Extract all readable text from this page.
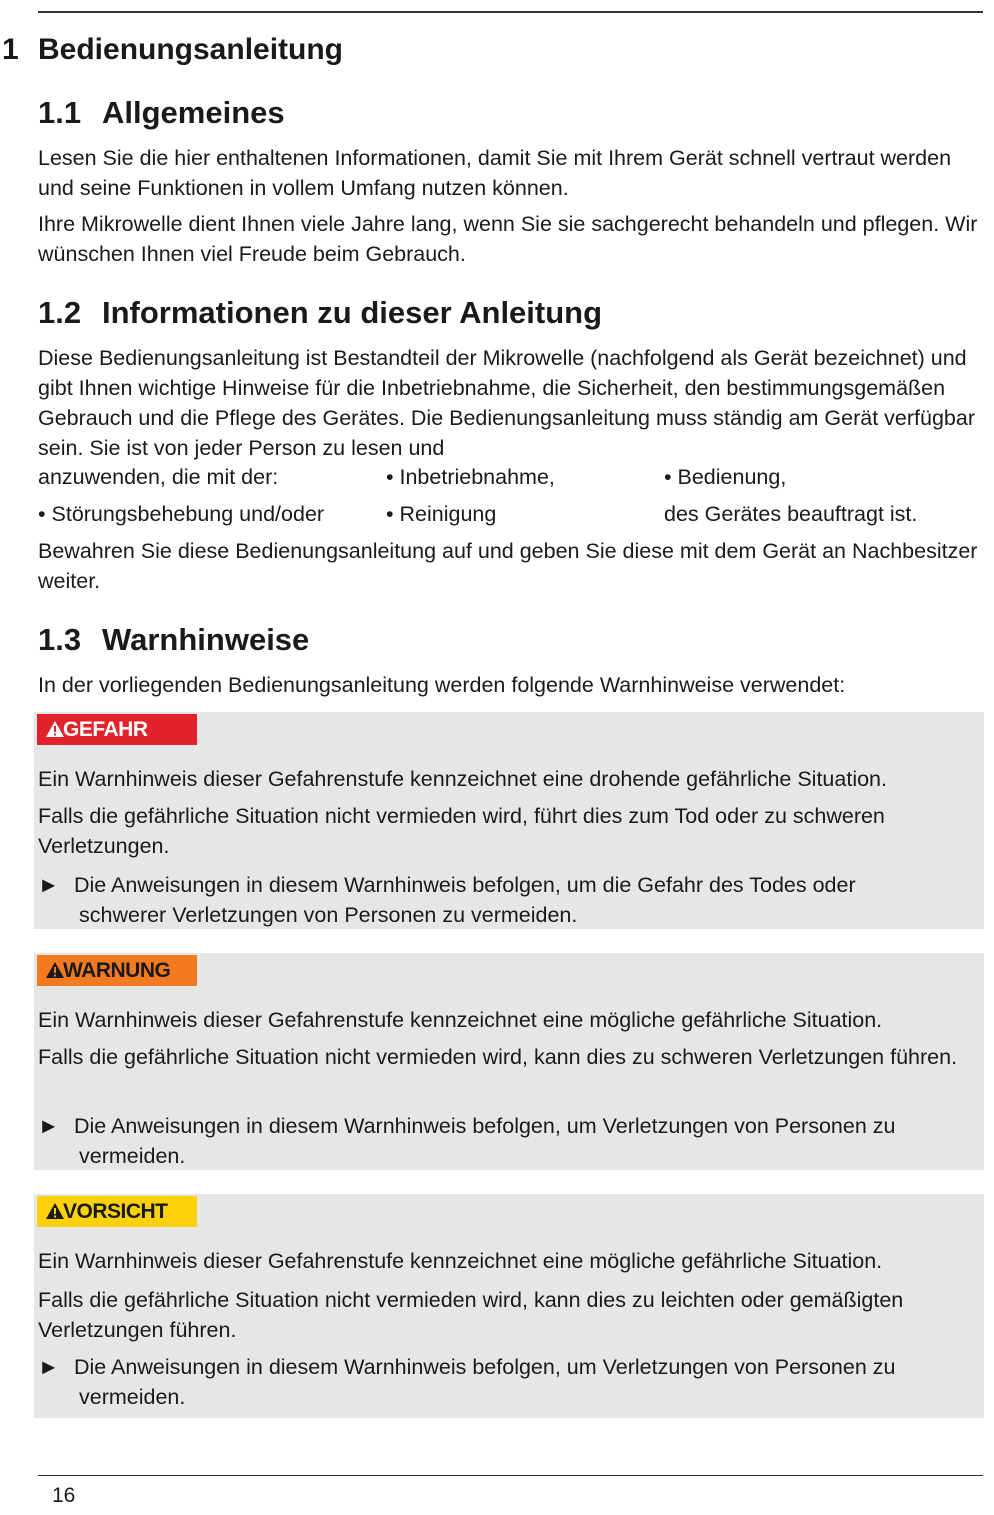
1 Bedienungsanleitung
1.1 Allgemeines

Lesen Sie die hier enthaltenen Informationen, damit Sie mit Ihrem Gerät schnell vertraut werden und seine Funktionen in vollem Umfang nutzen können.

Ihre Mikrowelle dient Ihnen viele Jahre lang, wenn Sie sie sachgerecht behandeln und pflegen. Wir wünschen Ihnen viel Freude beim Gebrauch.

1.2 Informationen zu dieser Anleitung

Diese Bedienungsanleitung ist Bestandteil der Mikrowelle (nachfolgend als Gerät bezeichnet) und gibt Ihnen wichtige Hinweise für die Inbetriebnahme, die Sicherheit, den bestimmungsgemäßen Gebrauch und die Pflege des Gerätes. Die Bedienungsanleitung muss ständig am Gerät verfügbar sein. Sie ist von jeder Person zu lesen und

anzuwenden, die mit der:	• Inbetriebnahme,	• Bedienung,
• Störungsbehebung und/oder	• Reinigung	des Gerätes beauftragt ist.

Bewahren Sie diese Bedienungsanleitung auf und geben Sie diese mit dem Gerät an Nachbesitzer weiter.

1.3 Warnhinweise

In der vorliegenden Bedienungsanleitung werden folgende Warnhinweise verwendet:

GEFAHR

Ein Warnhinweis dieser Gefahrenstufe kennzeichnet eine drohende gefährliche Situation.

Falls die gefährliche Situation nicht vermieden wird, führt dies zum Tod oder zu schweren Verletzungen.

► Die Anweisungen in diesem Warnhinweis befolgen, um die Gefahr des Todes oder
schwerer Verletzungen von Personen zu vermeiden.
WARNUNG

Ein Warnhinweis dieser Gefahrenstufe kennzeichnet eine mögliche gefährliche Situation.

Falls die gefährliche Situation nicht vermieden wird, kann dies zu schweren Verletzungen führen.

► Die Anweisungen in diesem Warnhinweis befolgen, um Verletzungen von Personen zu
vermeiden.
VORSICHT

Ein Warnhinweis dieser Gefahrenstufe kennzeichnet eine mögliche gefährliche Situation.

Falls die gefährliche Situation nicht vermieden wird, kann dies zu leichten oder gemäßigten Verletzungen führen.

► Die Anweisungen in diesem Warnhinweis befolgen, um Verletzungen von Personen zu
vermeiden.
16
